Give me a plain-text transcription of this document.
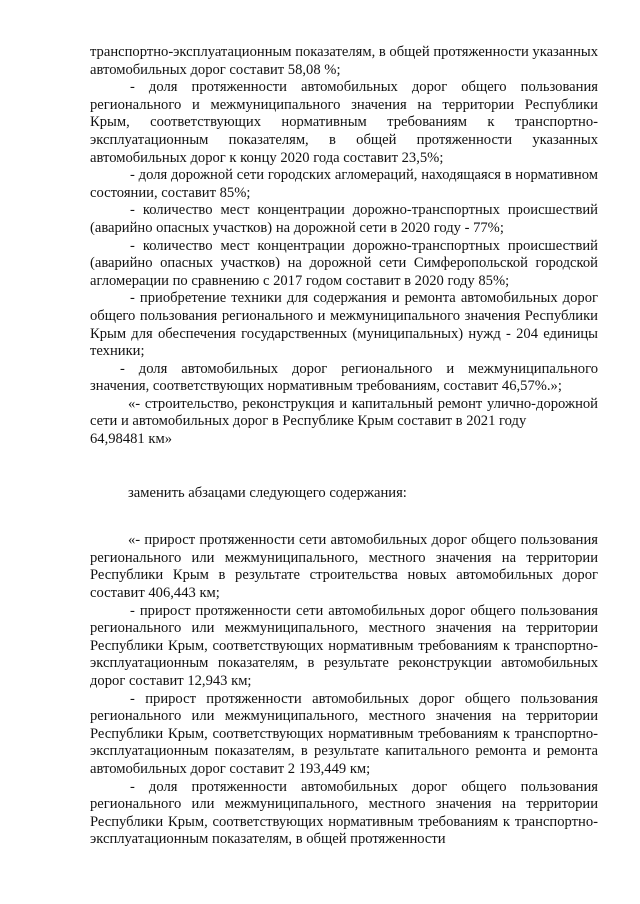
транспортно-эксплуатационным показателям, в общей протяженности указанных автомобильных дорог составит 58,08 %;

- доля протяженности автомобильных дорог общего пользования регионального и межмуниципального значения на территории Республики Крым, соответствующих нормативным требованиям к транспортно-эксплуатационным показателям, в общей протяженности указанных автомобильных дорог к концу 2020 года составит 23,5%;

- доля дорожной сети городских агломераций, находящаяся в нормативном состоянии, составит 85%;

- количество мест концентрации дорожно-транспортных происшествий (аварийно опасных участков) на дорожной сети в 2020 году - 77%;

- количество мест концентрации дорожно-транспортных происшествий (аварийно опасных участков) на дорожной сети Симферопольской городской агломерации по сравнению с 2017 годом составит в 2020 году 85%;

- приобретение техники для содержания и ремонта автомобильных дорог общего пользования регионального и межмуниципального значения Республики Крым для обеспечения государственных (муниципальных) нужд - 204 единицы техники;

- доля автомобильных дорог регионального и межмуниципального значения, соответствующих нормативным требованиям, составит 46,57%.»;

«- строительство, реконструкция и капитальный ремонт улично-дорожной сети и автомобильных дорог в Республике Крым составит в 2021 году

64,98481 км»

заменить абзацами следующего содержания:

«- прирост протяженности сети автомобильных дорог общего пользования регионального или межмуниципального, местного значения на территории Республики Крым в результате строительства новых автомобильных дорог составит 406,443 км;

- прирост протяженности сети автомобильных дорог общего пользования регионального или межмуниципального, местного значения на территории Республики Крым, соответствующих нормативным требованиям к транспортно-эксплуатационным показателям, в результате реконструкции автомобильных дорог составит 12,943 км;

- прирост протяженности автомобильных дорог общего пользования регионального или межмуниципального, местного значения на территории Республики Крым, соответствующих нормативным требованиям к транспортно-эксплуатационным показателям, в результате капитального ремонта и ремонта автомобильных дорог составит 2 193,449 км;

- доля протяженности автомобильных дорог общего пользования регионального или межмуниципального, местного значения на территории Республики Крым, соответствующих нормативным требованиям к транспортно-эксплуатационным показателям, в общей протяженности
